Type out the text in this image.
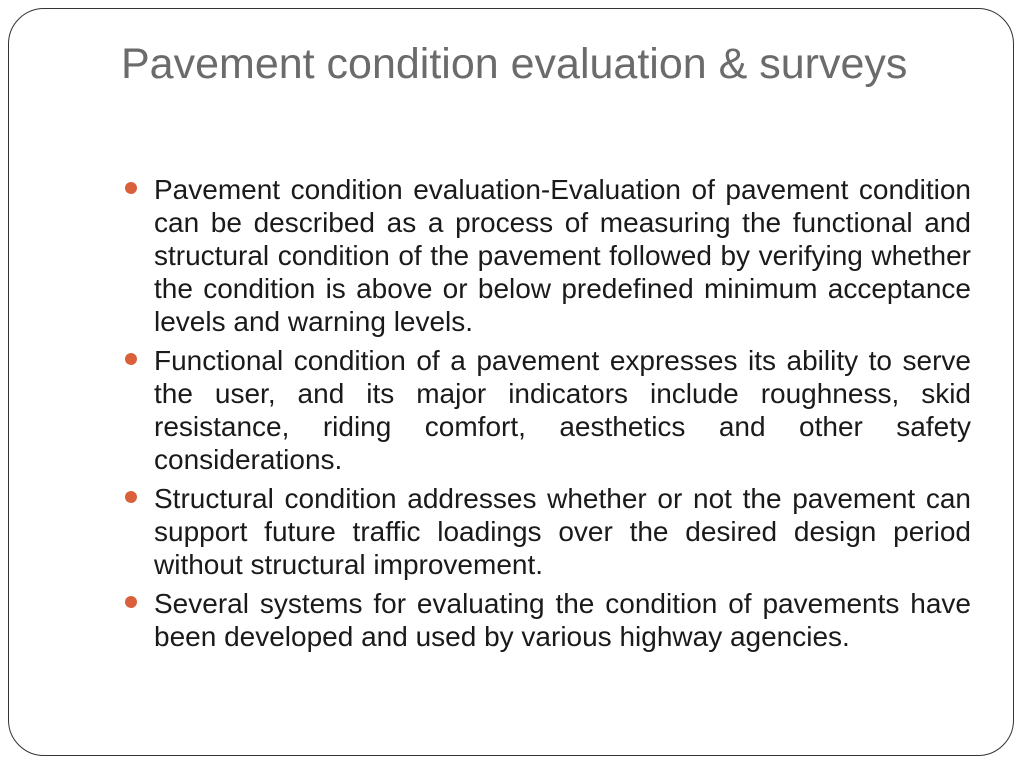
Pavement condition evaluation & surveys
Pavement condition evaluation-Evaluation of pavement condition can be described as a process of measuring the functional and structural condition of the pavement followed by verifying whether the condition is above or below predefined minimum acceptance levels and warning levels.
Functional condition of a pavement expresses its ability to serve the user, and its major indicators include roughness, skid resistance, riding comfort, aesthetics and other safety considerations.
Structural condition addresses whether or not the pavement can support future traffic loadings over the desired design period without structural improvement.
Several systems for evaluating the condition of pavements have been developed and used by various highway agencies.
